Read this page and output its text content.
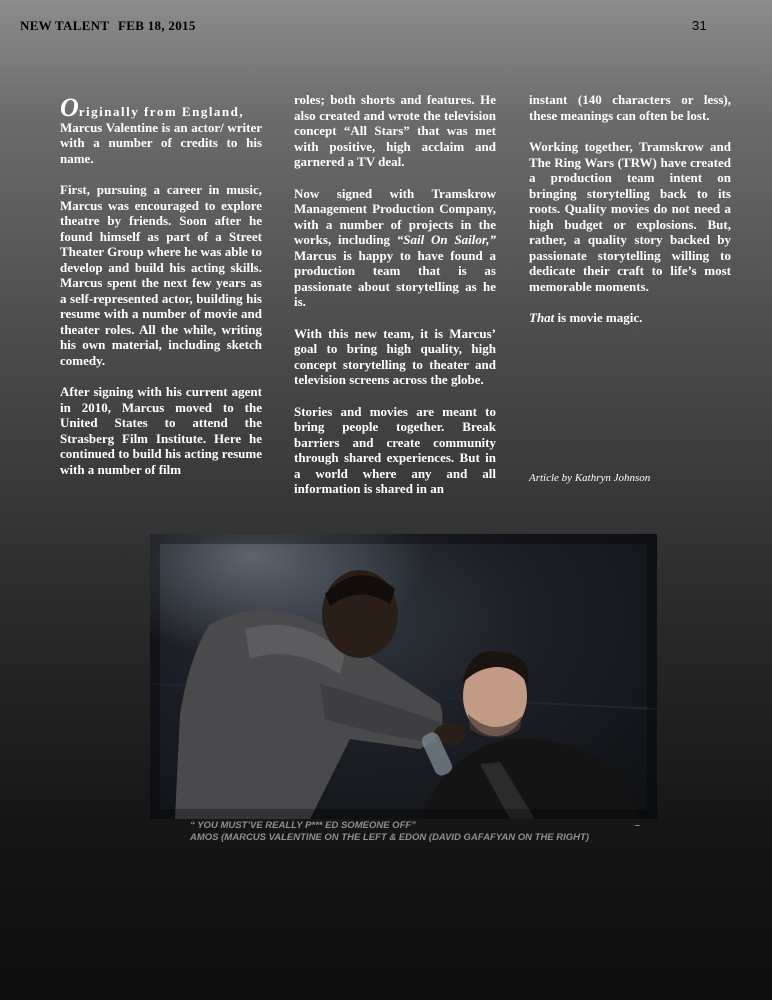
NEW TALENT FEB 18, 2015	31

Originally from England,
Marcus Valentine is an actor/ writer with a number of credits to his name.

First, pursuing a career in music, Marcus was encouraged to explore theatre by friends. Soon after he found himself as part of a Street Theater Group where he was able to develop and build his acting skills. Marcus spent the next few years as a self-represented actor, building his resume with a number of movie and theater roles. All the while, writing his own material, including sketch comedy.

After signing with his current agent in 2010, Marcus moved to the United States to attend the Strasberg Film Institute. Here he continued to build his acting resume with a number of film

roles; both shorts and features. He also created and wrote the television concept “All Stars” that was met with positive, high acclaim and garnered a TV deal.

Now signed with Tramskrow Management Production Company, with a number of projects in the works, including “Sail On Sailor,” Marcus is happy to have found a production team that is as passionate about storytelling as he is.

With this new team, it is Marcus’ goal to bring high quality, high concept storytelling to theater and television screens across the globe.

Stories and movies are meant to bring people together. Break barriers and create community through shared experiences. But in a world where any and all information is shared in an

instant (140 characters or less), these meanings can often be lost.

Working together, Tramskrow and The Ring Wars (TRW) have created a production team intent on bringing storytelling back to its roots. Quality movies do not need a high budget or explosions. But, rather, a quality story backed by passionate storytelling willing to dedicate their craft to life’s most memorable moments.

That is movie magic.

Article by Kathryn Johnson
“ YOU MUST’VE REALLY P*** ED SOMEONE OFF”	–
AMOS (MARCUS VALENTINE ON THE LEFT & EDON (DAVID GAFAFYAN ON THE RIGHT)
